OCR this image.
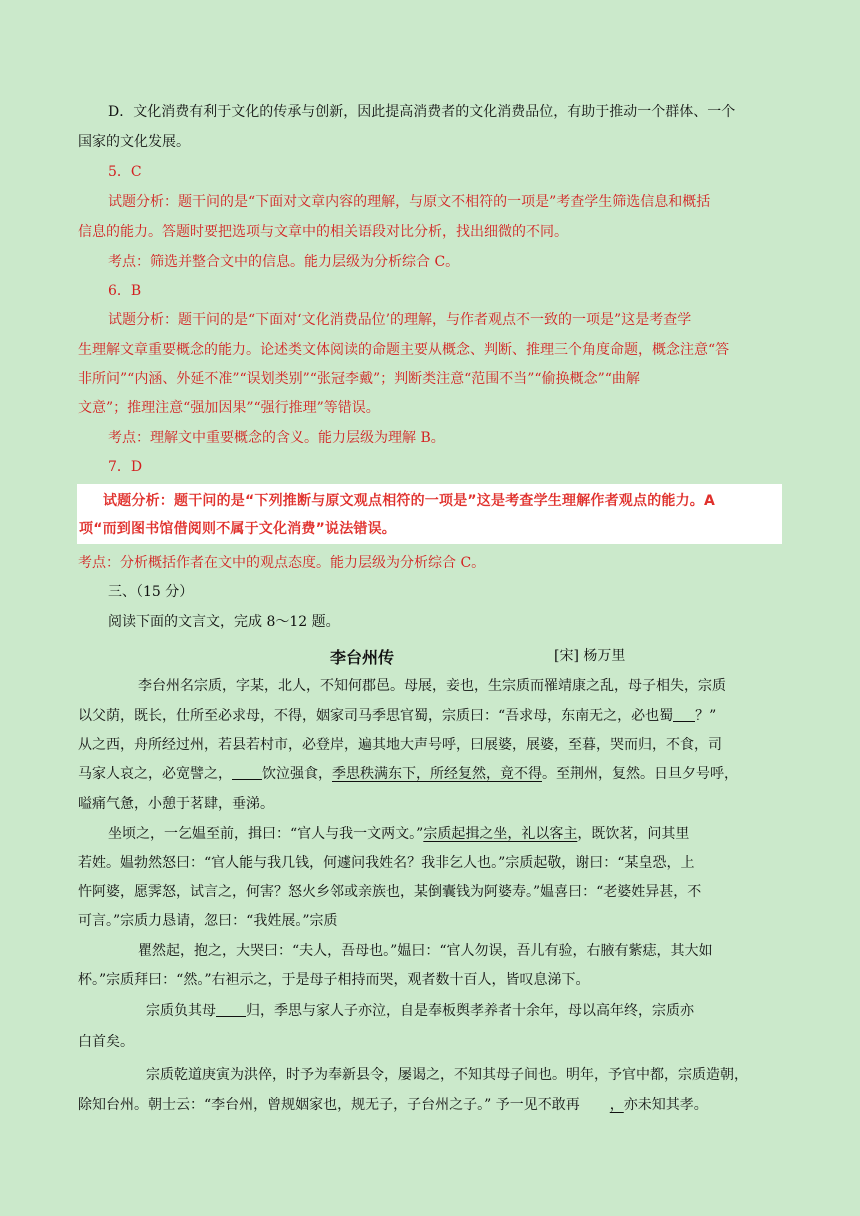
D．文化消费有利于文化的传承与创新，因此提高消费者的文化消费品位，有助于推动一个群体、一个
国家的文化发展。
5．C
试题分析：题干问的是“下面对文章内容的理解，与原文不相符的一项是”考查学生筛选信息和概括
信息的能力。答题时要把选项与文章中的相关语段对比分析，找出细微的不同。
考点：筛选并整合文中的信息。能力层级为分析综合 C。
6．B
试题分析：题干问的是“下面对‘文化消费品位’的理解，与作者观点不一致的一项是”这是考查学
生理解文章重要概念的能力。论述类文体阅读的命题主要从概念、判断、推理三个角度命题，概念注意“答
非所问”“内涵、外延不准”“误划类别”“张冠李戴”；判断类注意“范围不当”“偷换概念”“曲解
文意”；推理注意“强加因果”“强行推理”等错误。
考点：理解文中重要概念的含义。能力层级为理解 B。
7．D
试题分析：题干问的是“下列推断与原文观点相符的一项是”这是考查学生理解作者观点的能力。A
项“而到图书馆借阅则不属于文化消费”说法错误。
考点：分析概括作者在文中的观点态度。能力层级为分析综合 C。
三、（15 分）
阅读下面的文言文，完成 8～12 题。
李台州传	[宋] 杨万里
李台州名宗质，字某，北人，不知何郡邑。母展，妾也，生宗质而罹靖康之乱，母子相失，宗质
以父荫，既长，仕所至必求母，不得，姻家司马季思官蜀，宗质曰：“吾求母，东南无之，必也蜀 ？”
从之西，舟所经过州，若县若村市，必登岸，遍其地大声号呼，曰展婆，展婆，至暮，哭而归，不食，司
马家人哀之，必宽譬之， 饮泣强食，季思秩满东下，所经复然，竟不得。至荆州，复然。日旦夕号呼，
嗌痛气惫，小憩于茗肆，垂涕。
坐顷之，一乞媪至前，揖曰：“官人与我一文两文。”宗质起揖之坐，礼以客主，既饮茗，问其里
若姓。媪勃然怒曰：“官人能与我几钱，何遽问我姓名？我非乞人也。”宗质起敬，谢曰：“某皇恐，上
忤阿婆，愿霁怒，试言之，何害？怒火乡邻或亲族也，某倒囊钱为阿婆寿。”媪喜曰：“老婆姓异甚，不
可言。”宗质力恳请，忽曰：“我姓展。”宗质
瞿然起，抱之，大哭曰：“夫人，吾母也。”媪曰：“官人勿误，吾儿有验，右腋有紫痣，其大如
杯。”宗质拜曰：“然。”右袒示之，于是母子相持而哭，观者数十百人，皆叹息涕下。
宗质负其母 归，季思与家人子亦泣，自是奉板舆孝养者十余年，母以高年终，宗质亦
白首矣。
宗质乾道庚寅为洪倅，时予为奉新县令，屡谒之，不知其母子间也。明年，予官中都，宗质造朝，
除知台州。朝士云：“李台州，曾规姻家也，规无子，子台州之子。” 予一见不敢再 ，亦未知其孝。
